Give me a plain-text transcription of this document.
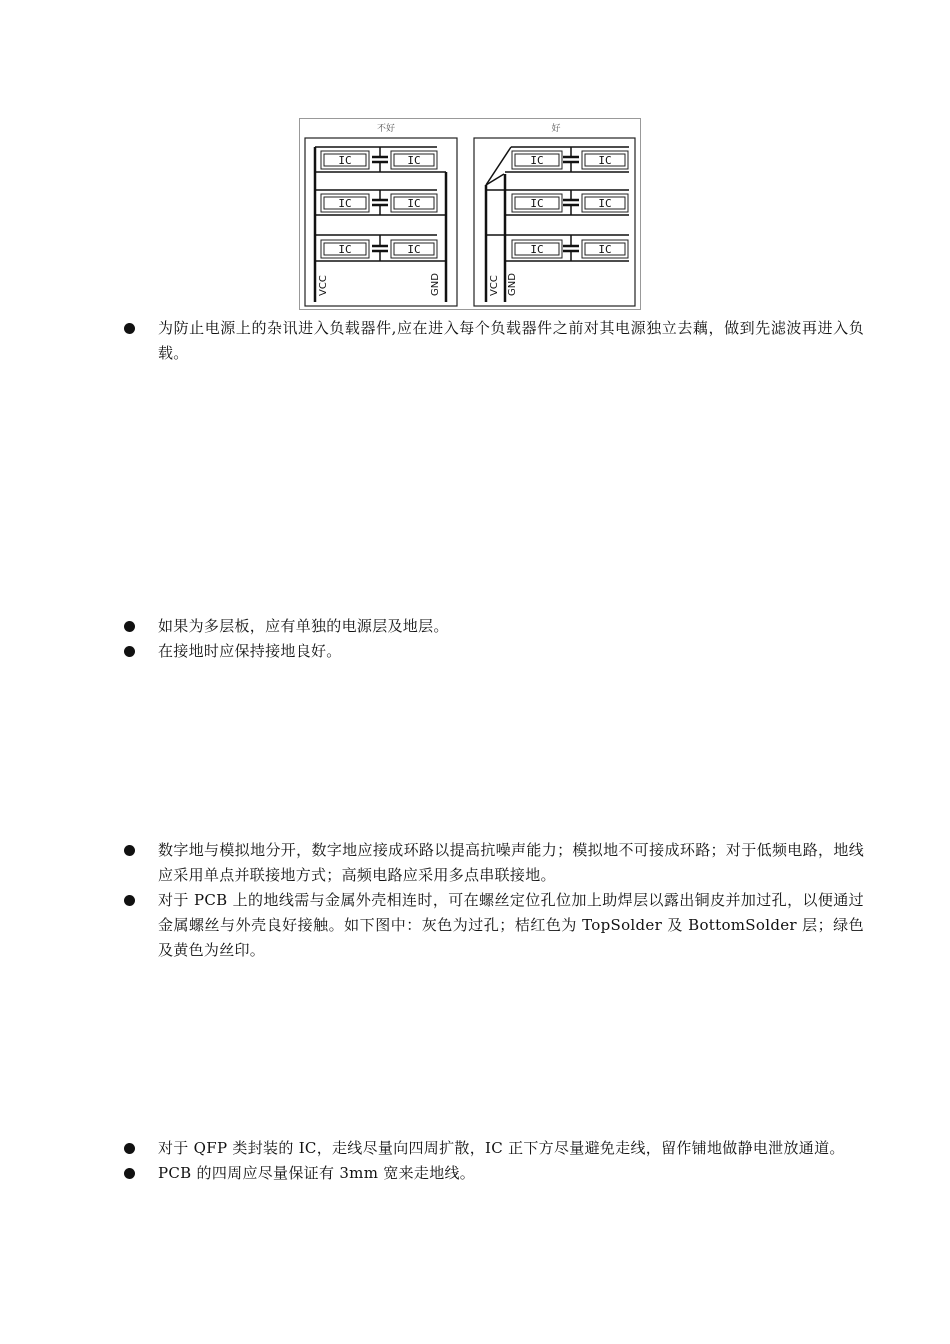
不好
IC	IC
IC	IC
IC	IC
VCC	GND
好
IC	IC
IC	IC
IC	IC
VCC GND
为防止电源上的杂讯进入负载器件,应在进入每个负载器件之前对其电源独立去藕，做到先滤波再进入负载。
如果为多层板，应有单独的电源层及地层。
在接地时应保持接地良好。
数字地与模拟地分开，数字地应接成环路以提高抗噪声能力；模拟地不可接成环路；对于低频电路，地线应采用单点并联接地方式；高频电路应采用多点串联接地。
对于 PCB 上的地线需与金属外壳相连时，可在螺丝定位孔位加上助焊层以露出铜皮并加过孔，以便通过金属螺丝与外壳良好接触。如下图中：灰色为过孔；桔红色为 TopSolder 及 BottomSolder 层；绿色及黄色为丝印。
对于 QFP 类封装的 IC，走线尽量向四周扩散，IC 正下方尽量避免走线，留作铺地做静电泄放通道。
PCB 的四周应尽量保证有 3mm 宽来走地线。
